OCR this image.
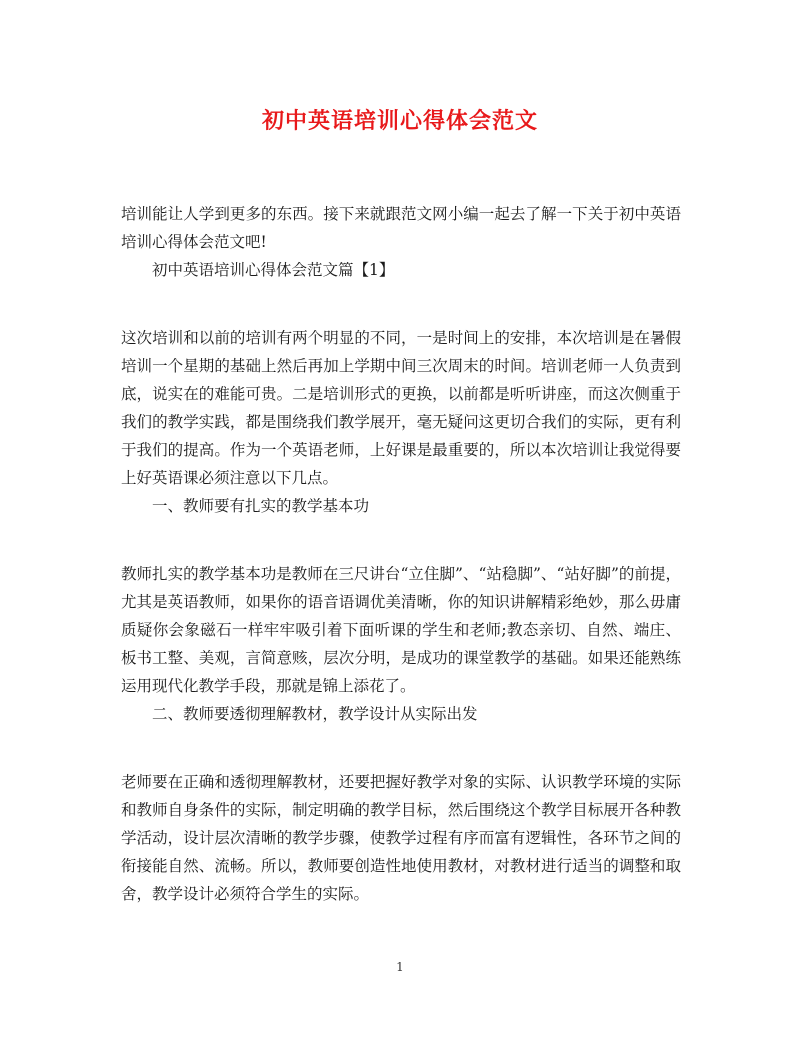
初中英语培训心得体会范文

培训能让人学到更多的东西。接下来就跟范文网小编一起去了解一下关于初中英语培训心得体会范文吧!

初中英语培训心得体会范文篇【1】

这次培训和以前的培训有两个明显的不同，一是时间上的安排，本次培训是在暑假培训一个星期的基础上然后再加上学期中间三次周末的时间。培训老师一人负责到底，说实在的难能可贵。二是培训形式的更换，以前都是听听讲座，而这次侧重于我们的教学实践，都是围绕我们教学展开，毫无疑问这更切合我们的实际，更有利于我们的提高。作为一个英语老师，上好课是最重要的，所以本次培训让我觉得要上好英语课必须注意以下几点。

一、教师要有扎实的教学基本功

教师扎实的教学基本功是教师在三尺讲台“立住脚”、“站稳脚”、“站好脚”的前提，尤其是英语教师，如果你的语音语调优美清晰，你的知识讲解精彩绝妙，那么毋庸质疑你会象磁石一样牢牢吸引着下面听课的学生和老师;教态亲切、自然、端庄、板书工整、美观，言简意赅，层次分明，是成功的课堂教学的基础。如果还能熟练运用现代化教学手段，那就是锦上添花了。

二、教师要透彻理解教材，教学设计从实际出发

老师要在正确和透彻理解教材，还要把握好教学对象的实际、认识教学环境的实际和教师自身条件的实际，制定明确的教学目标，然后围绕这个教学目标展开各种教学活动，设计层次清晰的教学步骤，使教学过程有序而富有逻辑性，各环节之间的衔接能自然、流畅。所以，教师要创造性地使用教材，对教材进行适当的调整和取舍，教学设计必须符合学生的实际。

1
